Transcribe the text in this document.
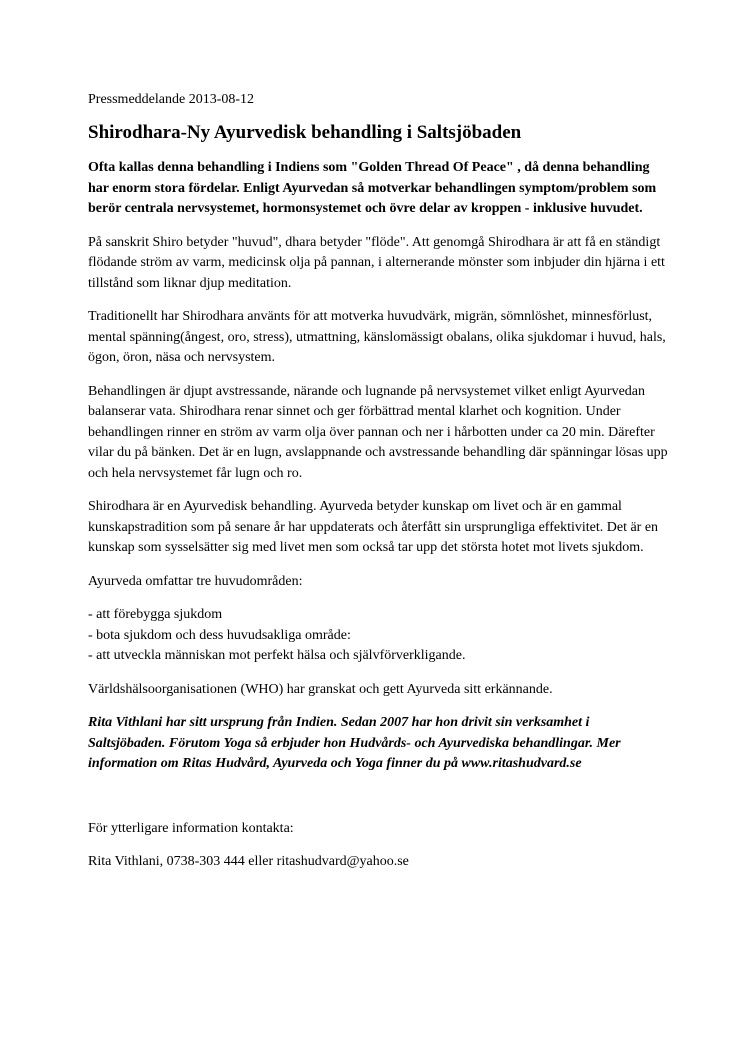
Pressmeddelande 2013-08-12
Shirodhara-Ny Ayurvedisk behandling i Saltsjöbaden
Ofta kallas denna behandling i Indiens som "Golden Thread Of Peace" , då denna behandling har enorm stora fördelar. Enligt Ayurvedan så motverkar behandlingen symptom/problem som berör centrala nervsystemet, hormonsystemet och övre delar av kroppen - inklusive huvudet.

På sanskrit Shiro betyder "huvud", dhara betyder "flöde". Att genomgå Shirodhara är att få en ständigt flödande ström av varm, medicinsk olja på pannan, i alternerande mönster som inbjuder din hjärna i ett tillstånd som liknar djup meditation.

Traditionellt har Shirodhara använts för att motverka huvudvärk, migrän, sömnlöshet, minnesförlust, mental spänning(ångest, oro, stress), utmattning, känslomässigt obalans, olika sjukdomar i huvud, hals, ögon, öron, näsa och nervsystem.

Behandlingen är djupt avstressande, närande och lugnande på nervsystemet vilket enligt Ayurvedan balanserar vata. Shirodhara renar sinnet och ger förbättrad mental klarhet och kognition. Under behandlingen rinner en ström av varm olja över pannan och ner i hårbotten under ca 20 min. Därefter vilar du på bänken. Det är en lugn, avslappnande och avstressande behandling där spänningar lösas upp och hela nervsystemet får lugn och ro.

Shirodhara är en Ayurvedisk behandling. Ayurveda betyder kunskap om livet och är en gammal kunskapstradition som på senare år har uppdaterats och återfått sin ursprungliga effektivitet. Det är en kunskap som sysselsätter sig med livet men som också tar upp det största hotet mot livets sjukdom.

Ayurveda omfattar tre huvudområden:

- att förebygga sjukdom
- bota sjukdom och dess huvudsakliga område:
- att utveckla människan mot perfekt hälsa och självförverkligande.

Världshälsoorganisationen (WHO) har granskat och gett Ayurveda sitt erkännande.

Rita Vithlani har sitt ursprung från Indien. Sedan 2007 har hon drivit sin verksamhet i Saltsjöbaden. Förutom Yoga så erbjuder hon Hudvårds- och Ayurvediska behandlingar. Mer information om Ritas Hudvård, Ayurveda och Yoga finner du på www.ritashudvard.se

För ytterligare information kontakta:

Rita Vithlani, 0738-303 444 eller ritashudvard@yahoo.se
